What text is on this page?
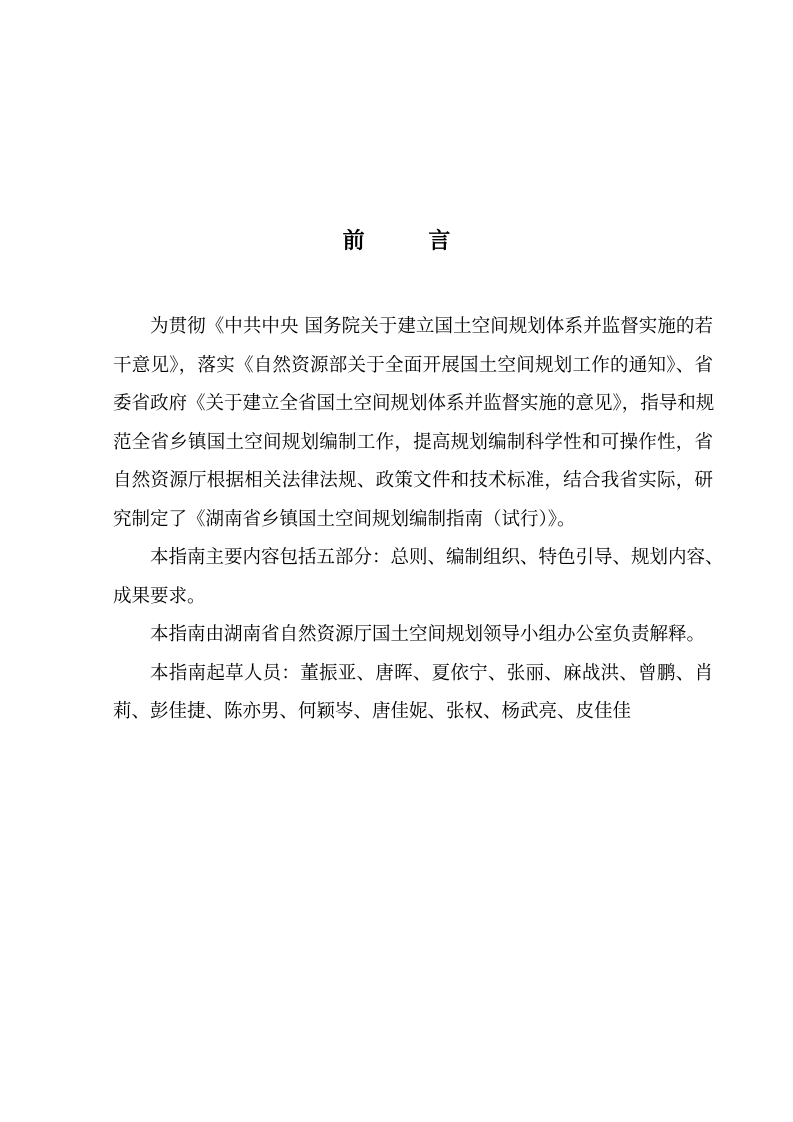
前 言
为贯彻《中共中央 国务院关于建立国土空间规划体系并监督实施的若
干意见》，落实《自然资源部关于全面开展国土空间规划工作的通知》、省
委省政府《关于建立全省国土空间规划体系并监督实施的意见》，指导和规
范全省乡镇国土空间规划编制工作，提高规划编制科学性和可操作性，省
自然资源厅根据相关法律法规、政策文件和技术标准，结合我省实际，研
究制定了《湖南省乡镇国土空间规划编制指南（试行）》。
本指南主要内容包括五部分：总则、编制组织、特色引导、规划内容、
成果要求。
本指南由湖南省自然资源厅国土空间规划领导小组办公室负责解释。
本指南起草人员：董振亚、唐晖、夏依宁、张丽、麻战洪、曾鹏、肖
莉、彭佳捷、陈亦男、何颖岑、唐佳妮、张权、杨武亮、皮佳佳
